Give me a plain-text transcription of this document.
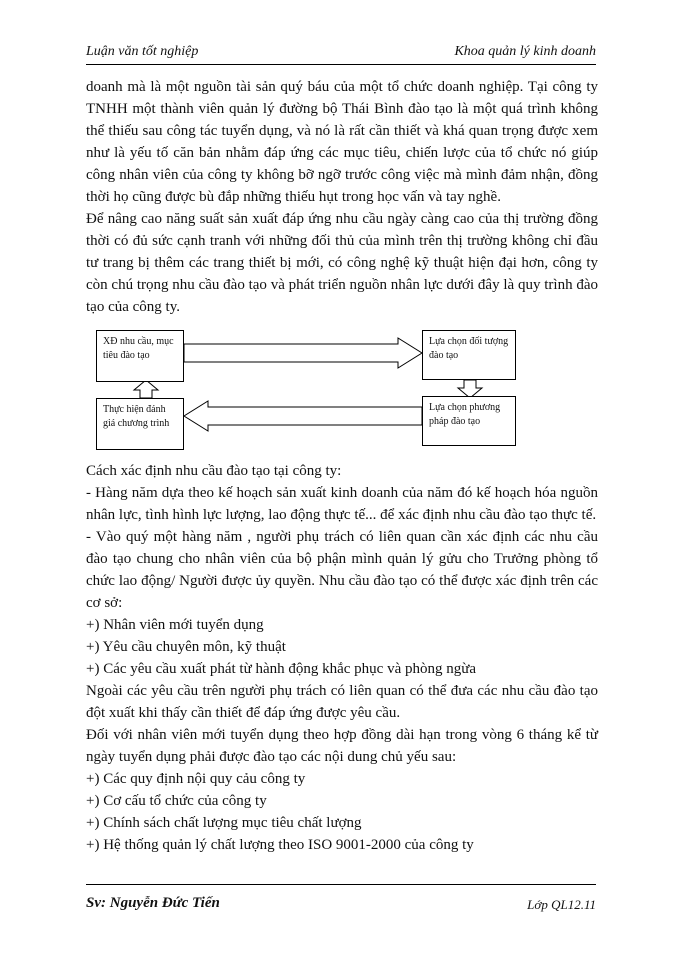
Luận văn tốt nghiệp	Khoa quản lý kinh doanh

doanh mà là một nguồn tài sản quý báu của một tổ chức doanh nghiệp. Tại công ty TNHH một thành viên quản lý đường bộ Thái Bình đào tạo là một quá trình không thể thiếu sau công tác tuyển dụng, và nó là rất cần thiết và khá quan trọng được xem như là yếu tố căn bản nhằm đáp ứng các mục tiêu, chiến lược của tổ chức nó giúp công nhân viên của công ty không bỡ ngỡ trước công việc mà mình đảm nhận, đồng thời họ cũng được bù đắp những thiếu hụt trong học vấn và tay nghề.

Để nâng cao năng suất sản xuất đáp ứng nhu cầu ngày càng cao của thị trường đồng thời có đủ sức cạnh tranh với những đối thủ của mình trên thị trường không chỉ đầu tư trang bị thêm các trang thiết bị mới, có công nghệ kỹ thuật hiện đại hơn, công ty còn chú trọng nhu cầu đào tạo và phát triển nguồn nhân lực dưới đây là quy trình đào tạo của công ty.

XĐ nhu cầu, mục tiêu đào tạo
Lựa chọn đối tượng đào tạo
Lựa chọn phương pháp đào tạo
Thực hiện đánh giá chương trình

Cách xác định nhu cầu đào tạo tại công ty:

- Hàng năm dựa theo kế hoạch sản xuất kinh doanh của năm đó kế hoạch hóa nguồn nhân lực, tình hình lực lượng, lao động thực tế... để xác định nhu cầu đào tạo thực tế.

- Vào quý một hàng năm , người phụ trách có liên quan cần xác định các nhu cầu đào tạo chung cho nhân viên của bộ phận mình quản lý gửu cho Trưởng phòng tổ chức lao động/ Người được ủy quyền. Nhu cầu đào tạo có thể được xác định trên các cơ sở:

+) Nhân viên mới tuyển dụng

+) Yêu cầu chuyên môn, kỹ thuật

+) Các yêu cầu xuất phát từ hành động khắc phục và phòng ngừa

Ngoài các yêu cầu trên người phụ trách có liên quan có thể đưa các nhu cầu đào tạo đột xuất khi thấy cần thiết để đáp ứng được yêu cầu.

Đối với nhân viên mới tuyển dụng theo hợp đồng dài hạn trong vòng 6 tháng kể từ ngày tuyển dụng phải được đào tạo các nội dung chủ yếu sau:

+) Các quy định nội quy cảu công ty

+) Cơ cấu tổ chức của công ty

+) Chính sách chất lượng mục tiêu chất lượng

+) Hệ thống quản lý chất lượng theo ISO 9001-2000 của công ty

Sv: Nguyễn Đức Tiến	Lớp QL12.11
